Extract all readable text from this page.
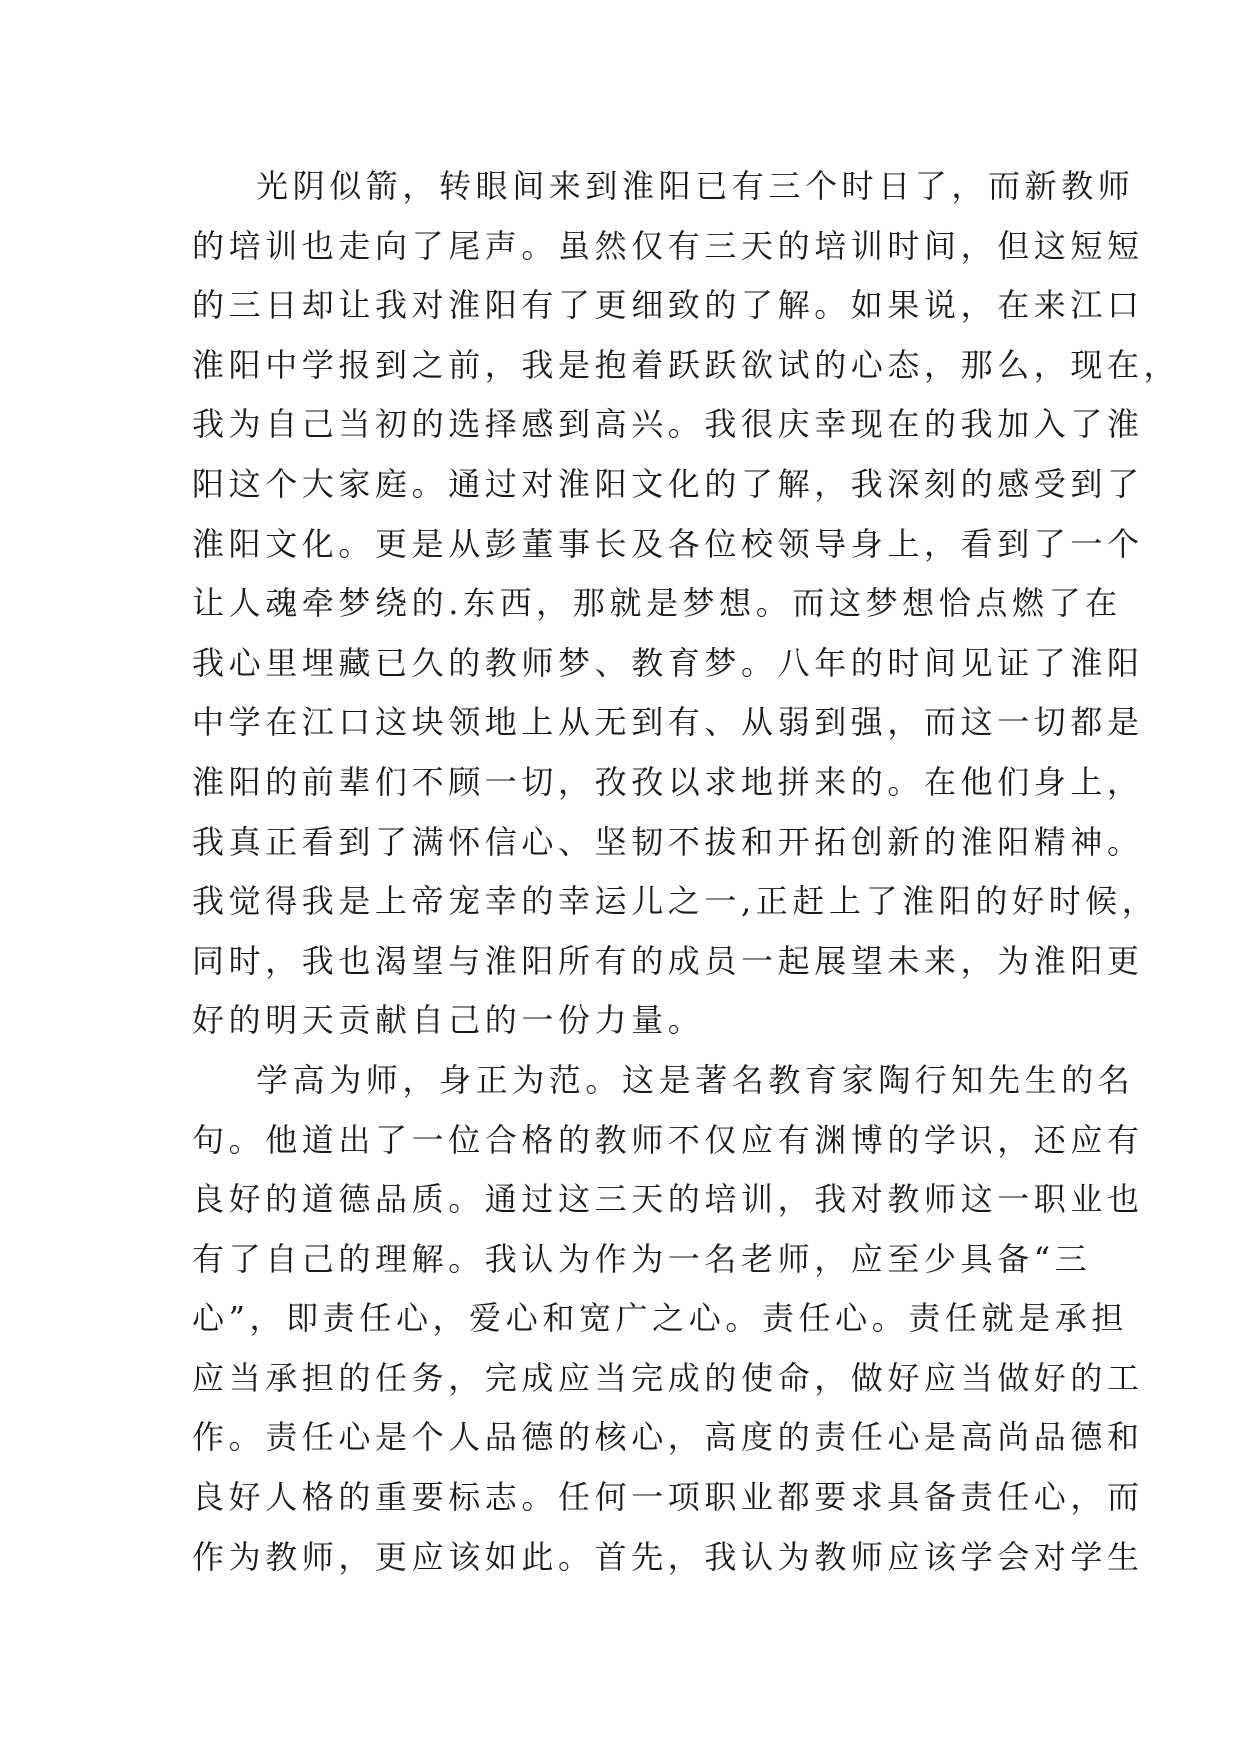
光阴似箭，转眼间来到淮阳已有三个时日了，而新教师
的培训也走向了尾声。虽然仅有三天的培训时间，但这短短
的三日却让我对淮阳有了更细致的了解。如果说，在来江口
淮阳中学报到之前，我是抱着跃跃欲试的心态，那么，现在，
我为自己当初的选择感到高兴。我很庆幸现在的我加入了淮
阳这个大家庭。通过对淮阳文化的了解，我深刻的感受到了
淮阳文化。更是从彭董事长及各位校领导身上，看到了一个
让人魂牵梦绕的.东西，那就是梦想。而这梦想恰点燃了在
我心里埋藏已久的教师梦、教育梦。八年的时间见证了淮阳
中学在江口这块领地上从无到有、从弱到强，而这一切都是
淮阳的前辈们不顾一切，孜孜以求地拼来的。在他们身上，
我真正看到了满怀信心、坚韧不拔和开拓创新的淮阳精神。
我觉得我是上帝宠幸的幸运儿之一,正赶上了淮阳的好时候，
同时，我也渴望与淮阳所有的成员一起展望未来，为淮阳更
好的明天贡献自己的一份力量。
学高为师，身正为范。这是著名教育家陶行知先生的名
句。他道出了一位合格的教师不仅应有渊博的学识，还应有
良好的道德品质。通过这三天的培训，我对教师这一职业也
有了自己的理解。我认为作为一名老师，应至少具备“三
心”，即责任心，爱心和宽广之心。责任心。责任就是承担
应当承担的任务，完成应当完成的使命，做好应当做好的工
作。责任心是个人品德的核心，高度的责任心是高尚品德和
良好人格的重要标志。任何一项职业都要求具备责任心，而
作为教师，更应该如此。首先，我认为教师应该学会对学生
